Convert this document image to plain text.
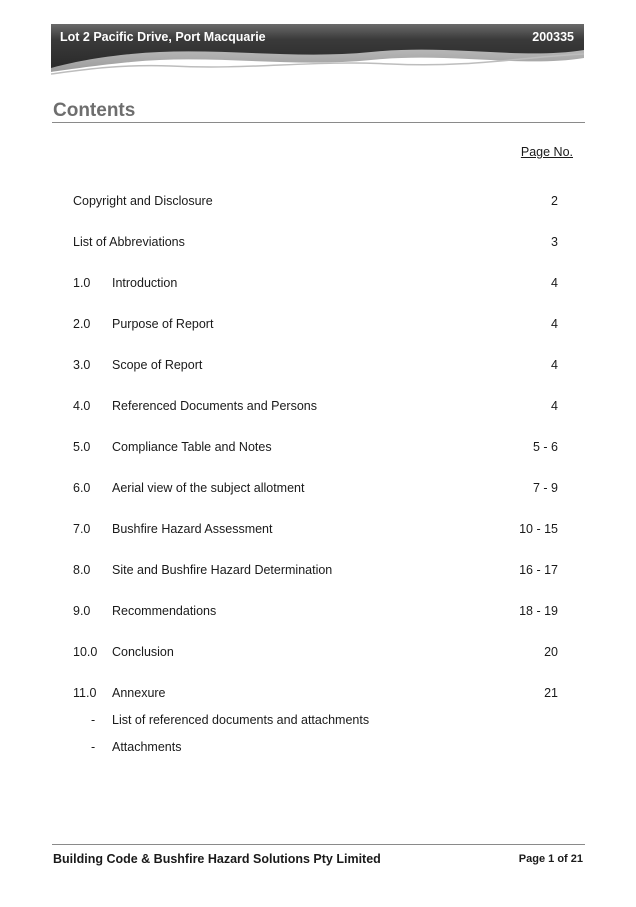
Lot 2 Pacific Drive, Port Macquarie	200335
Contents
Page No.
Copyright and Disclosure	2
List of Abbreviations	3
1.0 Introduction	4
2.0 Purpose of Report	4
3.0 Scope of Report	4
4.0 Referenced Documents and Persons	4
5.0 Compliance Table and Notes	5 - 6
6.0 Aerial view of the subject allotment	7 - 9
7.0 Bushfire Hazard Assessment	10 - 15
8.0 Site and Bushfire Hazard Determination	16 - 17
9.0 Recommendations	18 - 19
10.0 Conclusion	20
11.0 Annexure	21
- List of referenced documents and attachments
- Attachments
Building Code & Bushfire Hazard Solutions Pty Limited	Page 1 of 21
